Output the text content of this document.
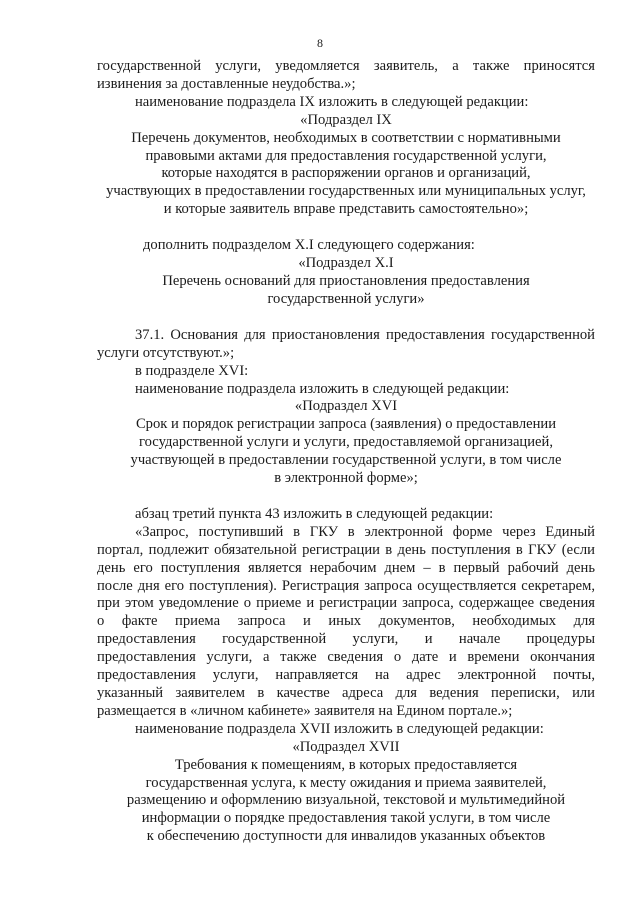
8
государственной услуги, уведомляется заявитель, а также приносятся
извинения за доставленные неудобства.»;
наименование подраздела IX изложить в следующей редакции:
«Подраздел IX
Перечень документов, необходимых в соответствии с нормативными
правовыми актами для предоставления государственной услуги,
которые находятся в распоряжении органов и организаций,
участвующих в предоставлении государственных или муниципальных услуг,
и которые заявитель вправе представить самостоятельно»;
дополнить подразделом X.I следующего содержания:
«Подраздел X.I
Перечень оснований для приостановления предоставления
государственной услуги»
37.1. Основания для приостановления предоставления государственной
услуги отсутствуют.»;
в подразделе XVI:
наименование подраздела изложить в следующей редакции:
«Подраздел XVI
Срок и порядок регистрации запроса (заявления) о предоставлении
государственной услуги и услуги, предоставляемой организацией,
участвующей в предоставлении государственной услуги, в том числе
в электронной форме»;
абзац третий пункта 43 изложить в следующей редакции:
«Запрос, поступивший в ГКУ в электронной форме через Единый
портал, подлежит обязательной регистрации в день поступления в ГКУ (если
день его поступления является нерабочим днем – в первый рабочий день
после дня его поступления). Регистрация запроса осуществляется секретарем,
при этом уведомление о приеме и регистрации запроса, содержащее сведения
о факте приема запроса и иных документов, необходимых для
предоставления государственной услуги, и начале процедуры
предоставления услуги, а также сведения о дате и времени окончания
предоставления услуги, направляется на адрес электронной почты,
указанный заявителем в качестве адреса для ведения переписки, или
размещается в «личном кабинете» заявителя на Едином портале.»;
наименование подраздела XVII изложить в следующей редакции:
«Подраздел XVII
Требования к помещениям, в которых предоставляется
государственная услуга, к месту ожидания и приема заявителей,
размещению и оформлению визуальной, текстовой и мультимедийной
информации о порядке предоставления такой услуги, в том числе
к обеспечению доступности для инвалидов указанных объектов
